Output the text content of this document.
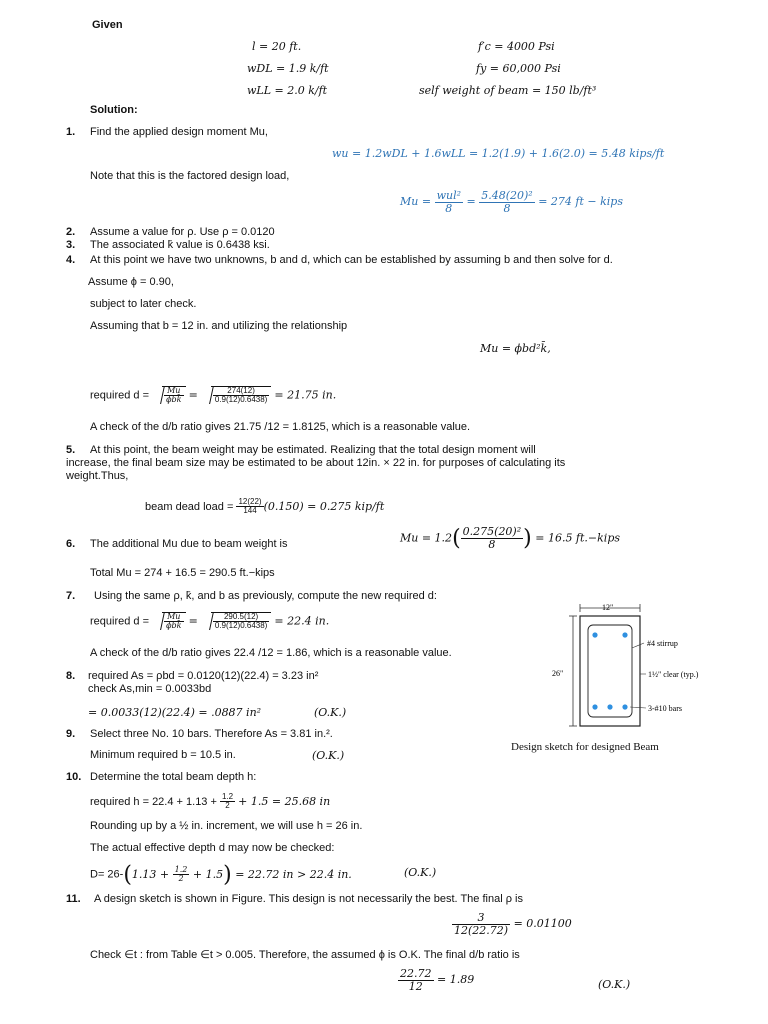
Given
l = 20 ft.	f′c = 4000 Psi
wDL = 1.9 k/ft	fy = 60,000 Psi
wLL = 2.0 k/ft	self weight of beam = 150 lb/ft³
Solution:
1. Find the applied design moment Mu,
wu = 1.2wDL + 1.6wLL = 1.2(1.9) + 1.6(2.0) = 5.48 kips/ft
Note that this is the factored design load,
$Mu = \frac{\text{wul²}}{8} = \frac{\text{5.48(20)²}}{8} = 274$ ft − kips
2. Assume a value for ρ. Use ρ = 0.0120
3. The associated k̄ value is 0.6438 ksi.
4. At this point we have two unknowns, b and d, which can be established by assuming b and then solve for d.
Assume ϕ = 0.90,
subject to later check.
Assuming that b = 12 in. and utilizing the relationship
Mu = ϕbd²k̄,
required $d = \frac{Mu}{\text{ϕbk̄}} = \frac{274(12)}{0.9(12)0.6438)} = 21.75$ in.
A check of the d/b ratio gives 21.75 /12 = 1.8125, which is a reasonable value.
5. At this point, the beam weight may be estimated. Realizing that the total design moment will
increase, the final beam size may be estimated to be about 12in. × 22 in. for purposes of calculating its
weight.Thus,
beam dead load = $\frac{12(22)}{144} (0.150) = 0.275$ kip/ft
6. The additional Mu due to beam weight is	$Mu = 1.2( \frac{\text{0.275(20)²}}{8}$ ) = 16.5 ft.−kips
Total Mu = 274 + 16.5 = 290.5 ft.−kips
7. Using the same ρ, k̄, and b as previously, compute the new required d:
required $d = \frac{Mu}{\text{ϕbk̄}} = \frac{290.5(12)}{0.9(12)0.6438)} = 22.4$ in.
A check of the d/b ratio gives 22.4 /12 = 1.86, which is a reasonable value.
8. required As = ρbd = 0.0120(12)(22.4) = 3.23 in²
check As,min = 0.0033bd
= 0.0033(12)(22.4) = .0887 in²	(O.K.)
9. Select three No. 10 bars. Therefore As = 3.81 in.².
Minimum required b = 10.5 in.	(O.K.)
10. Determine the total beam depth h:
required $h = 22.4 + 1.13 + \frac{1.2}{2} + 1.5 = 25.68$ in
Rounding up by a ½ in. increment, we will use h = 26 in.
The actual effective depth d may now be checked:
$D= 26-(1.13 + \frac{1.2}{2} + 1.5) = 22.72$ in > 22.4 in.	(O.K.)
11. A design sketch is shown in Figure. This design is not necessarily the best. The final ρ is
$\frac{3}{12(22.72)} = 0.01100$
Check ∈t : from Table ∈t > 0.005. Therefore, the assumed ϕ is O.K. The final d/b ratio is
$\frac{22.72}{12} = 1.89$	(O.K.)
12"
26"
#4 stirrup
1½" clear (typ.)
3-#10 bars
Design sketch for designed Beam
